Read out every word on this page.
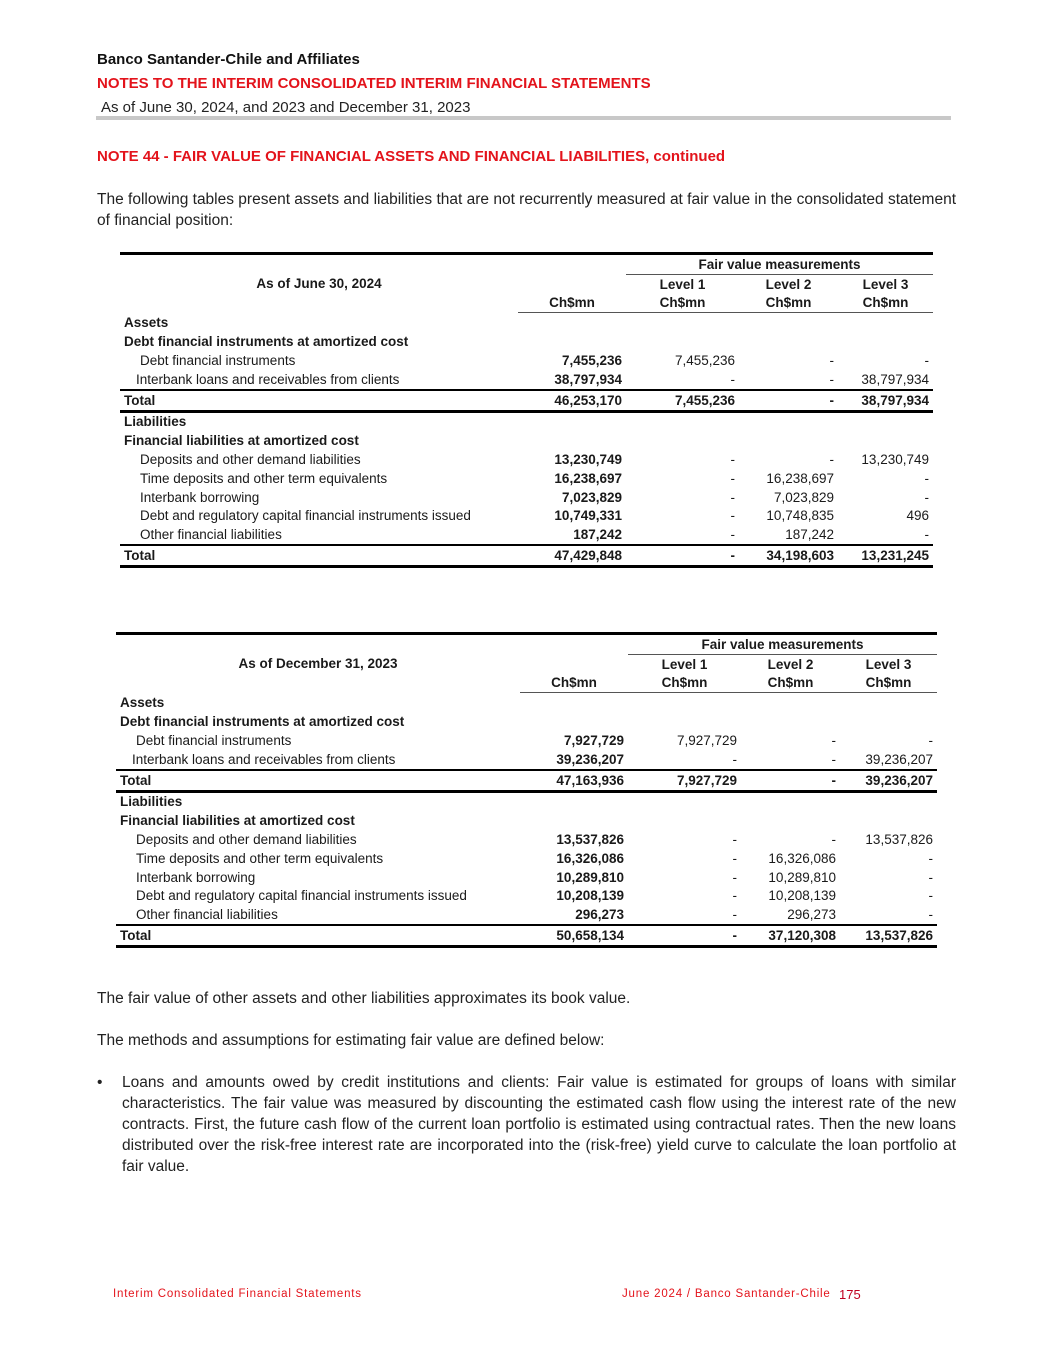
Banco Santander-Chile and Affiliates
NOTES TO THE INTERIM CONSOLIDATED INTERIM FINANCIAL STATEMENTS
As of June 30, 2024, and 2023 and December 31, 2023
NOTE 44 - FAIR VALUE OF FINANCIAL ASSETS AND FINANCIAL LIABILITIES, continued
The following tables present assets and liabilities that are not recurrently measured at fair value in the consolidated statement of financial position:
As of June 30, 2024		Fair value measurements		
		Level 1	Level 2	Level 3
	Ch$mn	Ch$mn	Ch$mn	Ch$mn
Assets				
Debt financial instruments at amortized cost				
Debt financial instruments	7,455,236	7,455,236	-	-
Interbank loans and receivables from clients	38,797,934	-	-	38,797,934
Total	46,253,170	7,455,236	-	38,797,934
Liabilities				
Financial liabilities at amortized cost				
Deposits and other demand liabilities	13,230,749	-	-	13,230,749
Time deposits and other term equivalents	16,238,697	-	16,238,697	-
Interbank borrowing	7,023,829	-	7,023,829	-
Debt and regulatory capital financial instruments issued	10,749,331	-	10,748,835	496
Other financial liabilities	187,242	-	187,242	-
Total	47,429,848	-	34,198,603	13,231,245
As of December 31, 2023		Fair value measurements		
		Level 1	Level 2	Level 3
	Ch$mn	Ch$mn	Ch$mn	Ch$mn
Assets				
Debt financial instruments at amortized cost				
Debt financial instruments	7,927,729	7,927,729	-	-
Interbank loans and receivables from clients	39,236,207	-	-	39,236,207
Total	47,163,936	7,927,729	-	39,236,207
Liabilities				
Financial liabilities at amortized cost				
Deposits and other demand liabilities	13,537,826	-	-	13,537,826
Time deposits and other term equivalents	16,326,086	-	16,326,086	-
Interbank borrowing	10,289,810	-	10,289,810	-
Debt and regulatory capital financial instruments issued	10,208,139	-	10,208,139	-
Other financial liabilities	296,273	-	296,273	-
Total	50,658,134	-	37,120,308	13,537,826
The fair value of other assets and other liabilities approximates its book value.
The methods and assumptions for estimating fair value are defined below:
•	Loans and amounts owed by credit institutions and clients: Fair value is estimated for groups of loans with similar characteristics. The fair value was measured by discounting the estimated cash flow using the interest rate of the new contracts. First, the future cash flow of the current loan portfolio is estimated using contractual rates. Then the new loans distributed over the risk-free interest rate are incorporated into the (risk-free) yield curve to calculate the loan portfolio at fair value.
Interim Consolidated Financial Statements	June 2024 / Banco Santander-Chile 175
